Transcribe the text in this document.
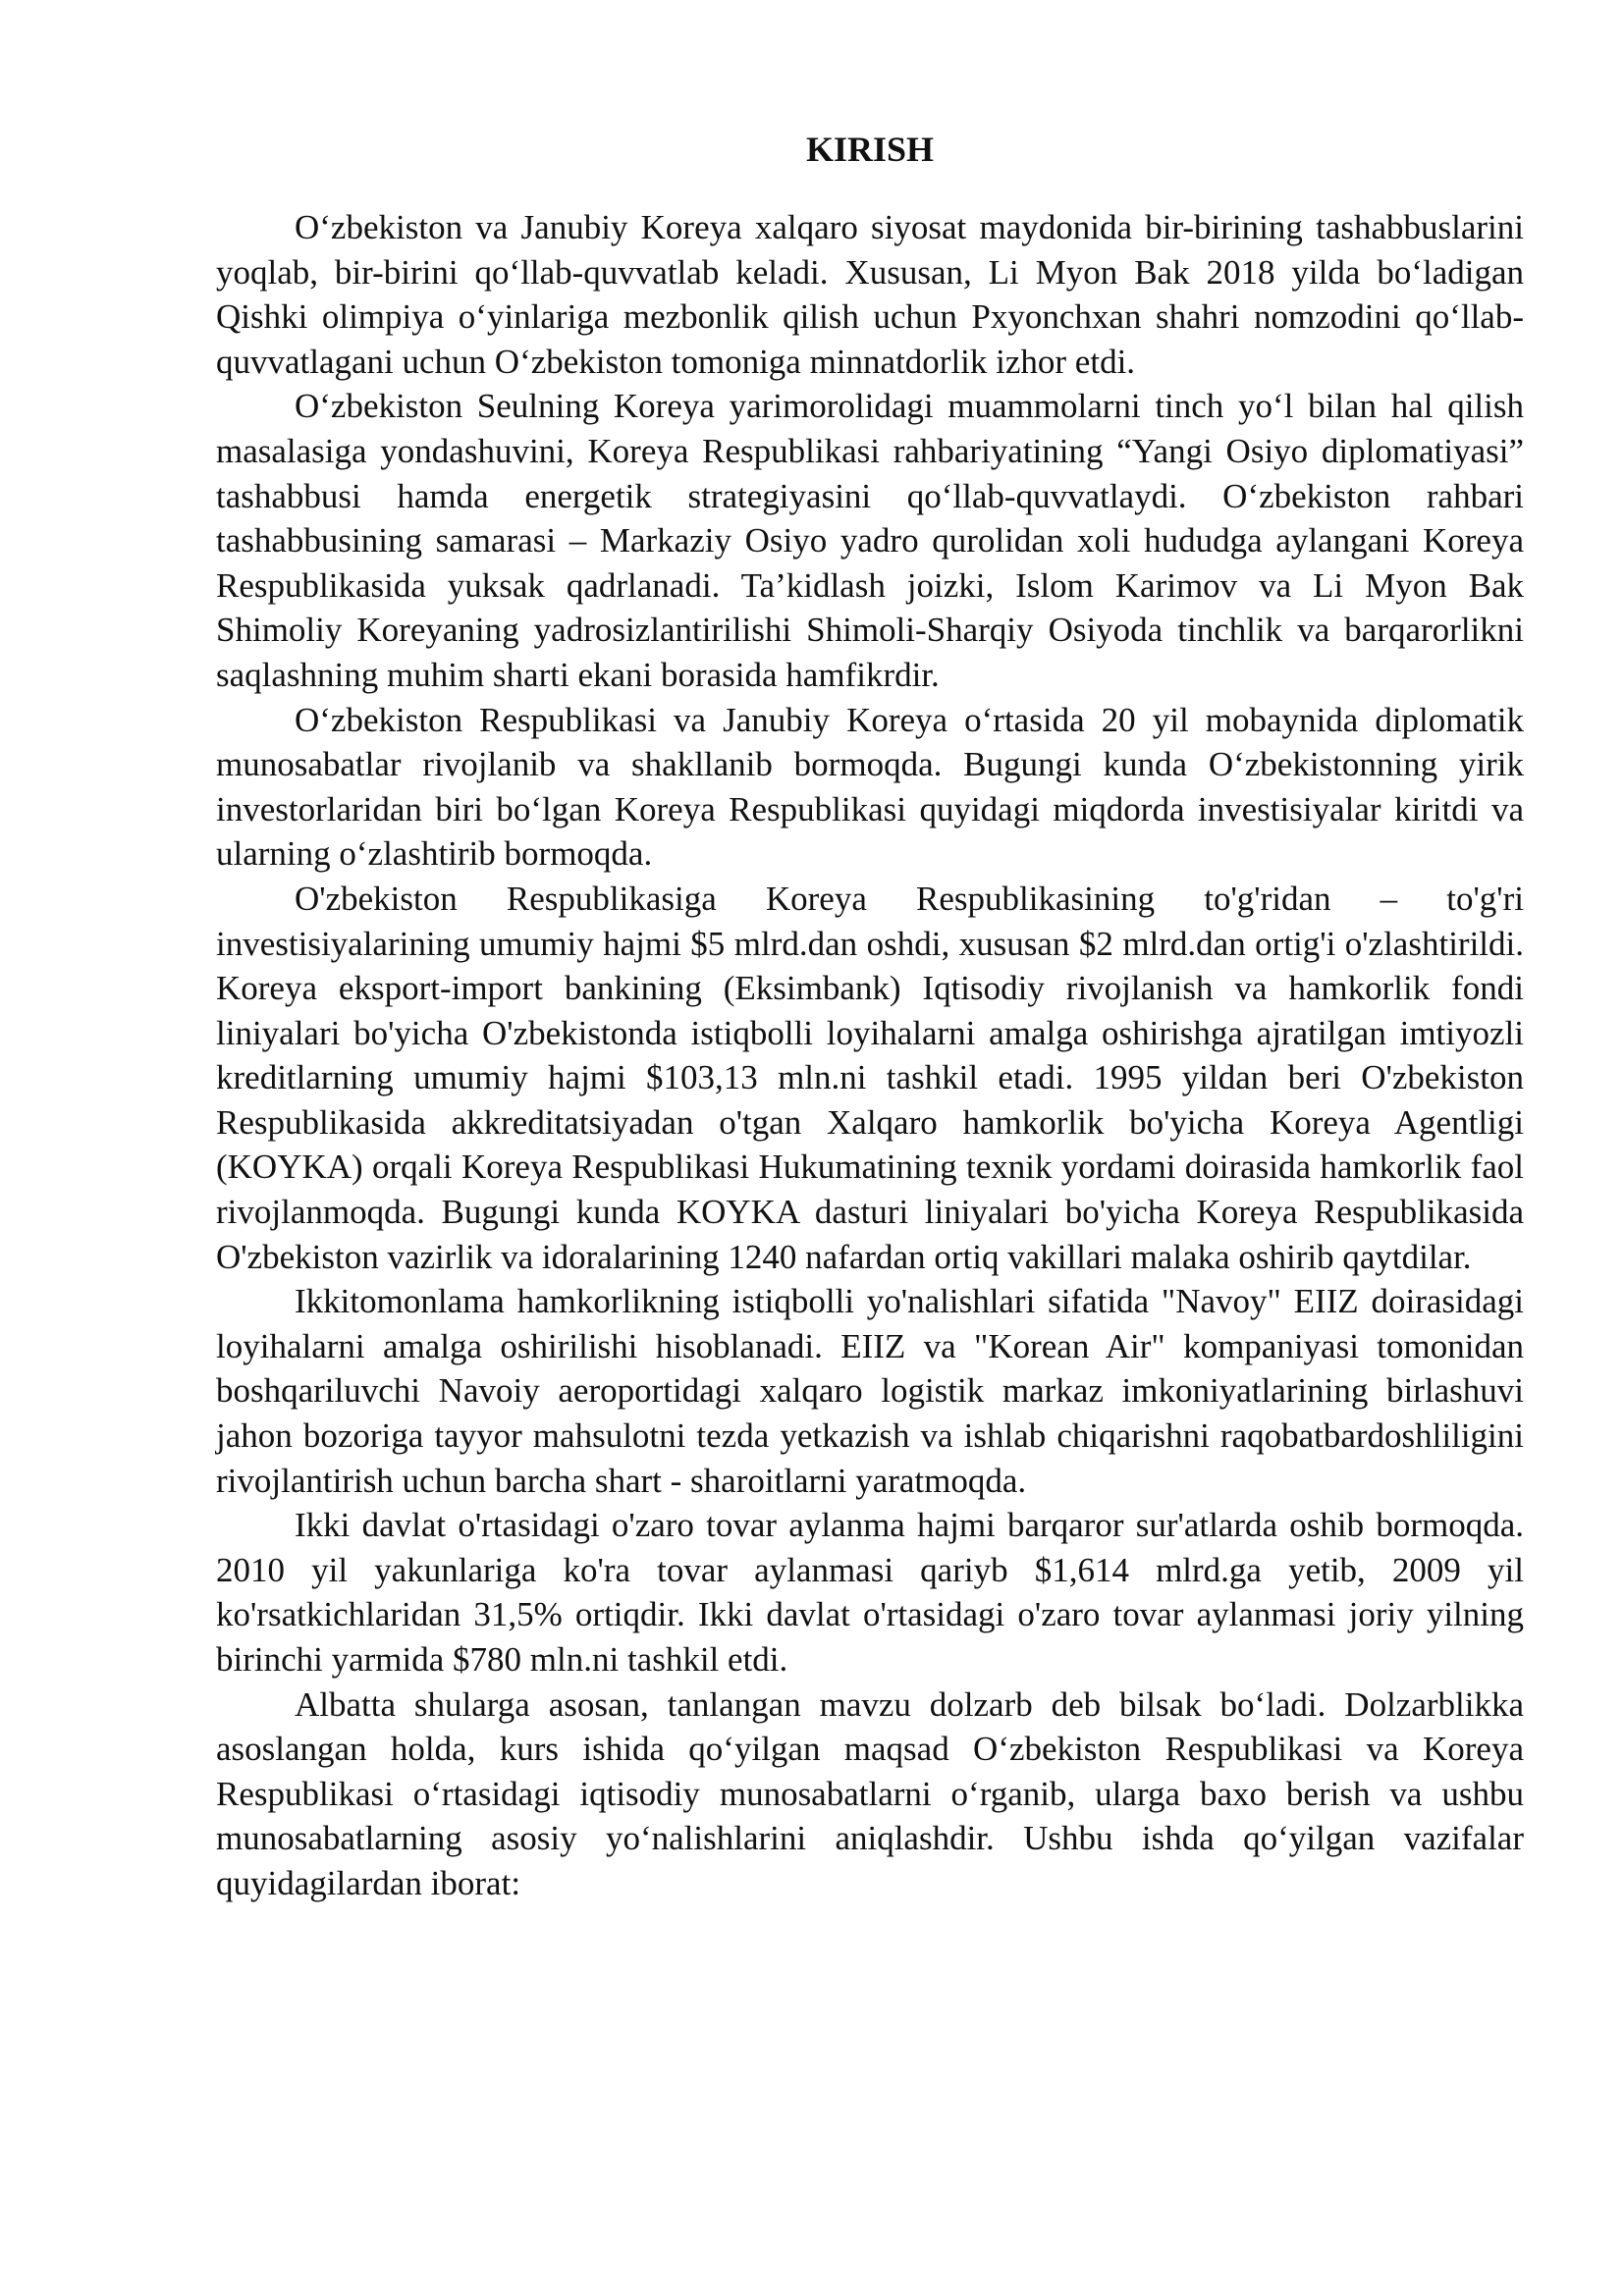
KIRISH

O‘zbekiston va Janubiy Koreya xalqaro siyosat maydonida bir-birining tashabbuslarini yoqlab, bir-birini qo‘llab-quvvatlab keladi. Xususan, Li Myon Bak 2018 yilda bo‘ladigan Qishki olimpiya o‘yinlariga mezbonlik qilish uchun Pxyonchxan shahri nomzodini qo‘llab-quvvatlagani uchun O‘zbekiston tomoniga minnatdorlik izhor etdi.

O‘zbekiston Seulning Koreya yarimorolidagi muammolarni tinch yo‘l bilan hal qilish masalasiga yondashuvini, Koreya Respublikasi rahbariyatining “Yangi Osiyo diplomatiyasi” tashabbusi hamda energetik strategiyasini qo‘llab-quvvatlaydi. O‘zbekiston rahbari tashabbusining samarasi – Markaziy Osiyo yadro qurolidan xoli hududga aylangani Koreya Respublikasida yuksak qadrlanadi. Ta’kidlash joizki, Islom Karimov va Li Myon Bak Shimoliy Koreyaning yadrosizlantirilishi Shimoli-Sharqiy Osiyoda tinchlik va barqarorlikni saqlashning muhim sharti ekani borasida hamfikrdir.

O‘zbekiston Respublikasi va Janubiy Koreya o‘rtasida 20 yil mobaynida diplomatik munosabatlar rivojlanib va shakllanib bormoqda. Bugungi kunda O‘zbekistonning yirik investorlaridan biri bo‘lgan Koreya Respublikasi quyidagi miqdorda investisiyalar kiritdi va ularning o‘zlashtirib bormoqda.

O'zbekiston Respublikasiga Koreya Respublikasining to'g'ridan – to'g'ri investisiyalarining umumiy hajmi $5 mlrd.dan oshdi, xususan $2 mlrd.dan ortig'i o'zlashtirildi. Koreya eksport-import bankining (Eksimbank) Iqtisodiy rivojlanish va hamkorlik fondi liniyalari bo'yicha O'zbekistonda istiqbolli loyihalarni amalga oshirishga ajratilgan imtiyozli kreditlarning umumiy hajmi $103,13 mln.ni tashkil etadi. 1995 yildan beri O'zbekiston Respublikasida akkreditatsiyadan o'tgan Xalqaro hamkorlik bo'yicha Koreya Agentligi (KOYKA) orqali Koreya Respublikasi Hukumatining texnik yordami doirasida hamkorlik faol rivojlanmoqda. Bugungi kunda KOYKA dasturi liniyalari bo'yicha Koreya Respublikasida O'zbekiston vazirlik va idoralarining 1240 nafardan ortiq vakillari malaka oshirib qaytdilar.

Ikkitomonlama hamkorlikning istiqbolli yo'nalishlari sifatida "Navoy" EIIZ doirasidagi loyihalarni amalga oshirilishi hisoblanadi. EIIZ va "Korean Air" kompaniyasi tomonidan boshqariluvchi Navoiy aeroportidagi xalqaro logistik markaz imkoniyatlarining birlashuvi jahon bozoriga tayyor mahsulotni tezda yetkazish va ishlab chiqarishni raqobatbardoshliligini rivojlantirish uchun barcha shart - sharoitlarni yaratmoqda.

Ikki davlat o'rtasidagi o'zaro tovar aylanma hajmi barqaror sur'atlarda oshib bormoqda. 2010 yil yakunlariga ko'ra tovar aylanmasi qariyb $1,614 mlrd.ga yetib, 2009 yil ko'rsatkichlaridan 31,5% ortiqdir. Ikki davlat o'rtasidagi o'zaro tovar aylanmasi joriy yilning birinchi yarmida $780 mln.ni tashkil etdi.

Albatta shularga asosan, tanlangan mavzu dolzarb deb bilsak bo‘ladi. Dolzarblikka asoslangan holda, kurs ishida qo‘yilgan maqsad O‘zbekiston Respublikasi va Koreya Respublikasi o‘rtasidagi iqtisodiy munosabatlarni o‘rganib, ularga baxo berish va ushbu munosabatlarning asosiy yo‘nalishlarini aniqlashdir. Ushbu ishda qo‘yilgan vazifalar quyidagilardan iborat:
